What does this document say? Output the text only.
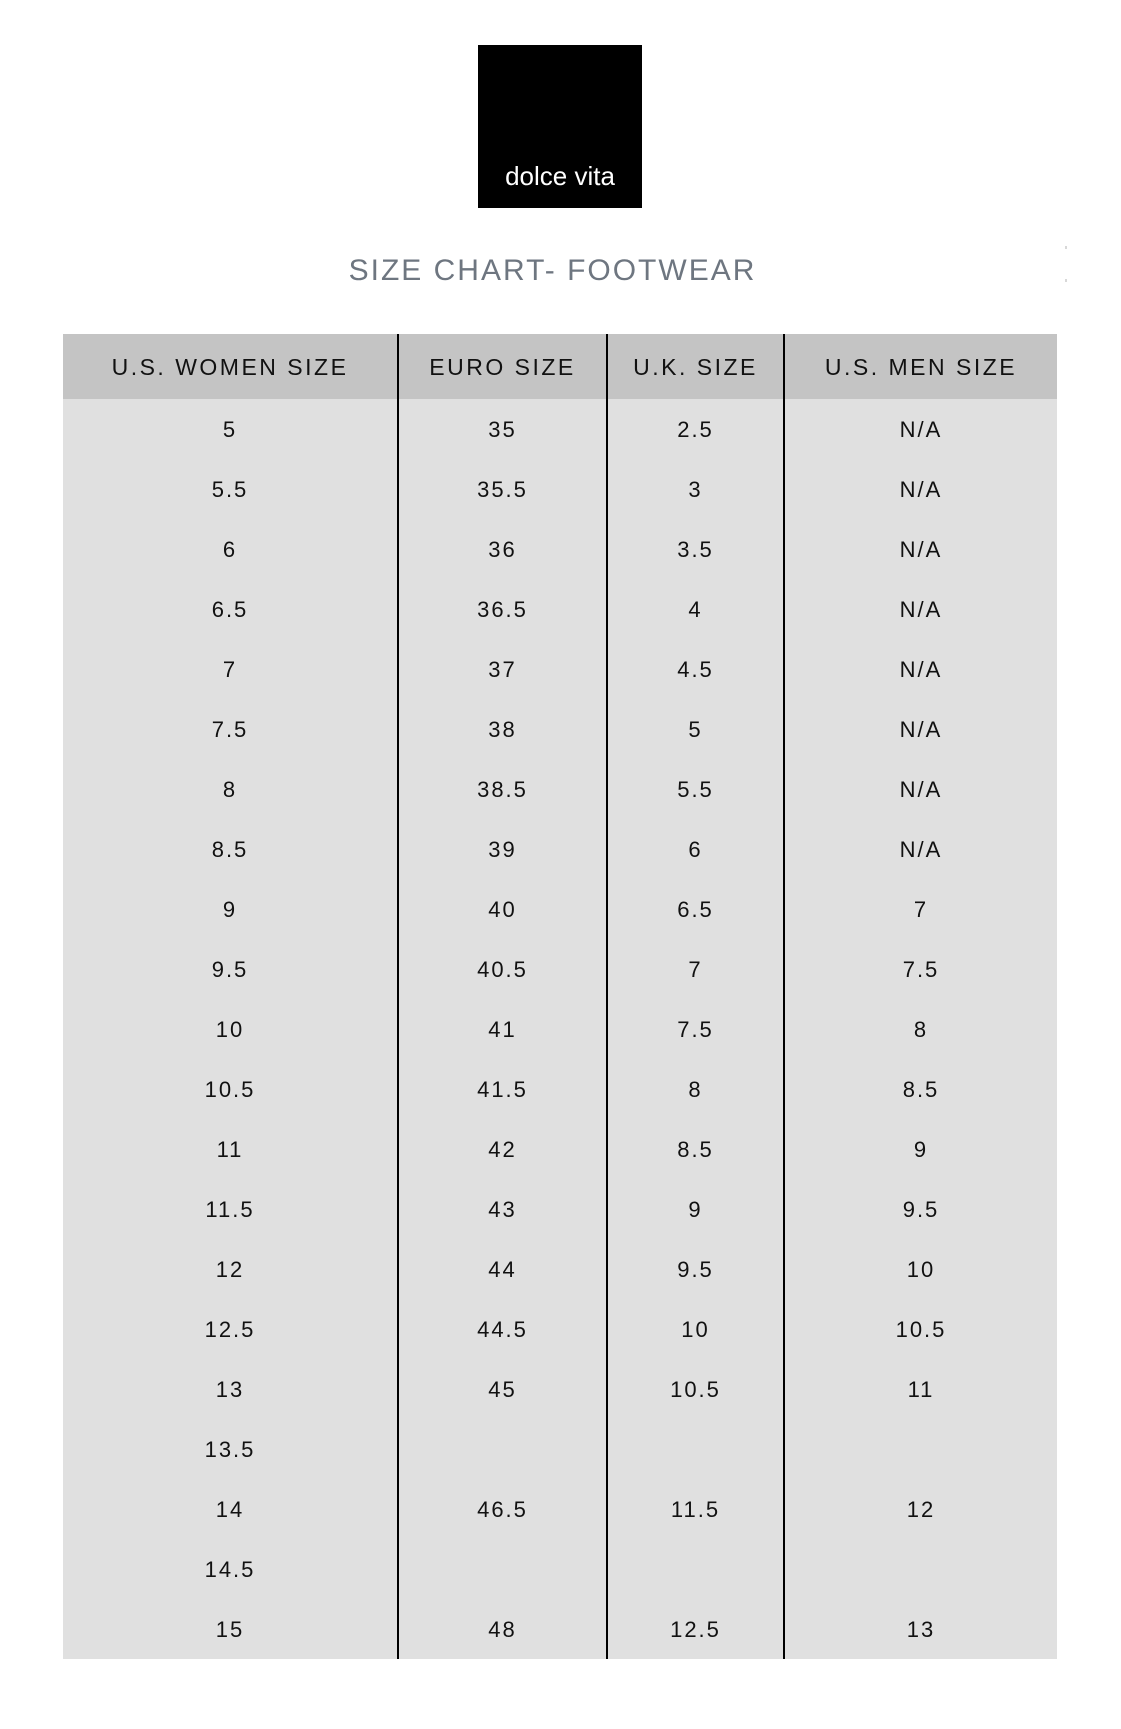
dolce vita
SIZE CHART- FOOTWEAR
U.S. WOMEN SIZE	EURO SIZE	U.K. SIZE	U.S. MEN SIZE
5	35	2.5	N/A
5.5	35.5	3	N/A
6	36	3.5	N/A
6.5	36.5	4	N/A
7	37	4.5	N/A
7.5	38	5	N/A
8	38.5	5.5	N/A
8.5	39	6	N/A
9	40	6.5	7
9.5	40.5	7	7.5
10	41	7.5	8
10.5	41.5	8	8.5
11	42	8.5	9
11.5	43	9	9.5
12	44	9.5	10
12.5	44.5	10	10.5
13	45	10.5	11
13.5
14	46.5	11.5	12
14.5
15	48	12.5	13
